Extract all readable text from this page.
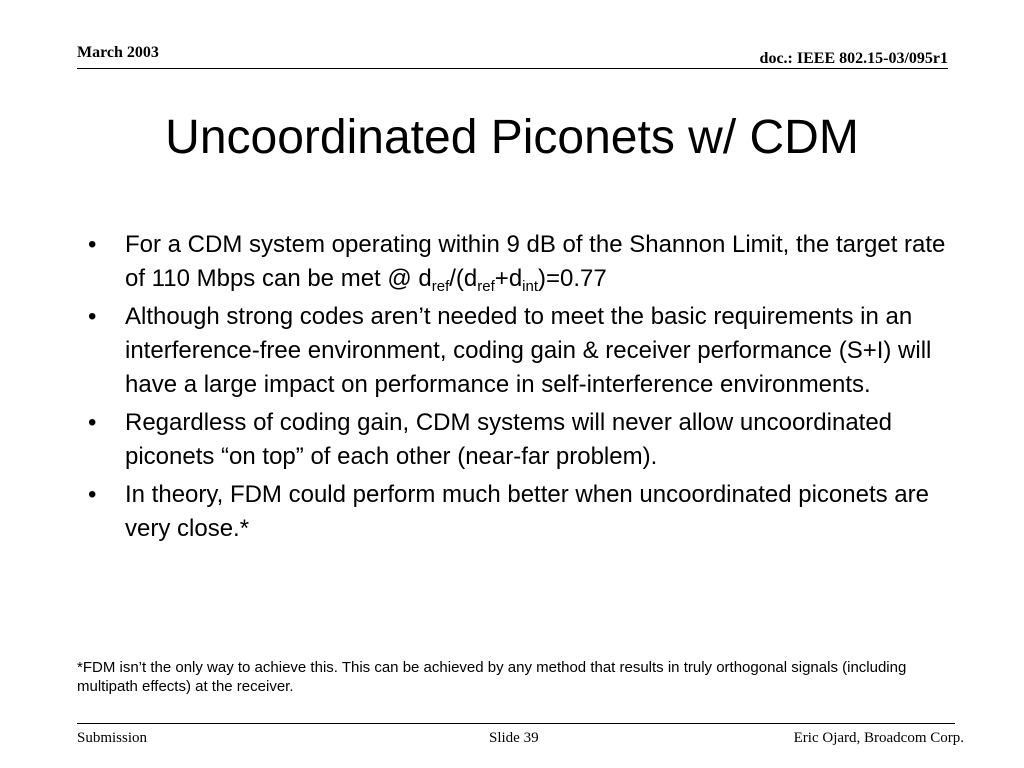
March 2003	doc.: IEEE 802.15-03/095r1
Uncoordinated Piconets w/ CDM
• For a CDM system operating within 9 dB of the Shannon Limit, the target rate of 110 Mbps can be met @ $d_{ref}/(d_{ref}+d_{int})=0.77$
• Although strong codes aren’t needed to meet the basic requirements in an interference-free environment, coding gain & receiver performance (S+I) will have a large impact on performance in self-interference environments.
• Regardless of coding gain, CDM systems will never allow uncoordinated piconets “on top” of each other (near-far problem).
• In theory, FDM could perform much better when uncoordinated piconets are very close.*
*FDM isn’t the only way to achieve this. This can be achieved by any method that results in truly orthogonal signals (including multipath effects) at the receiver.
Submission	Slide 39	Eric Ojard, Broadcom Corp.
